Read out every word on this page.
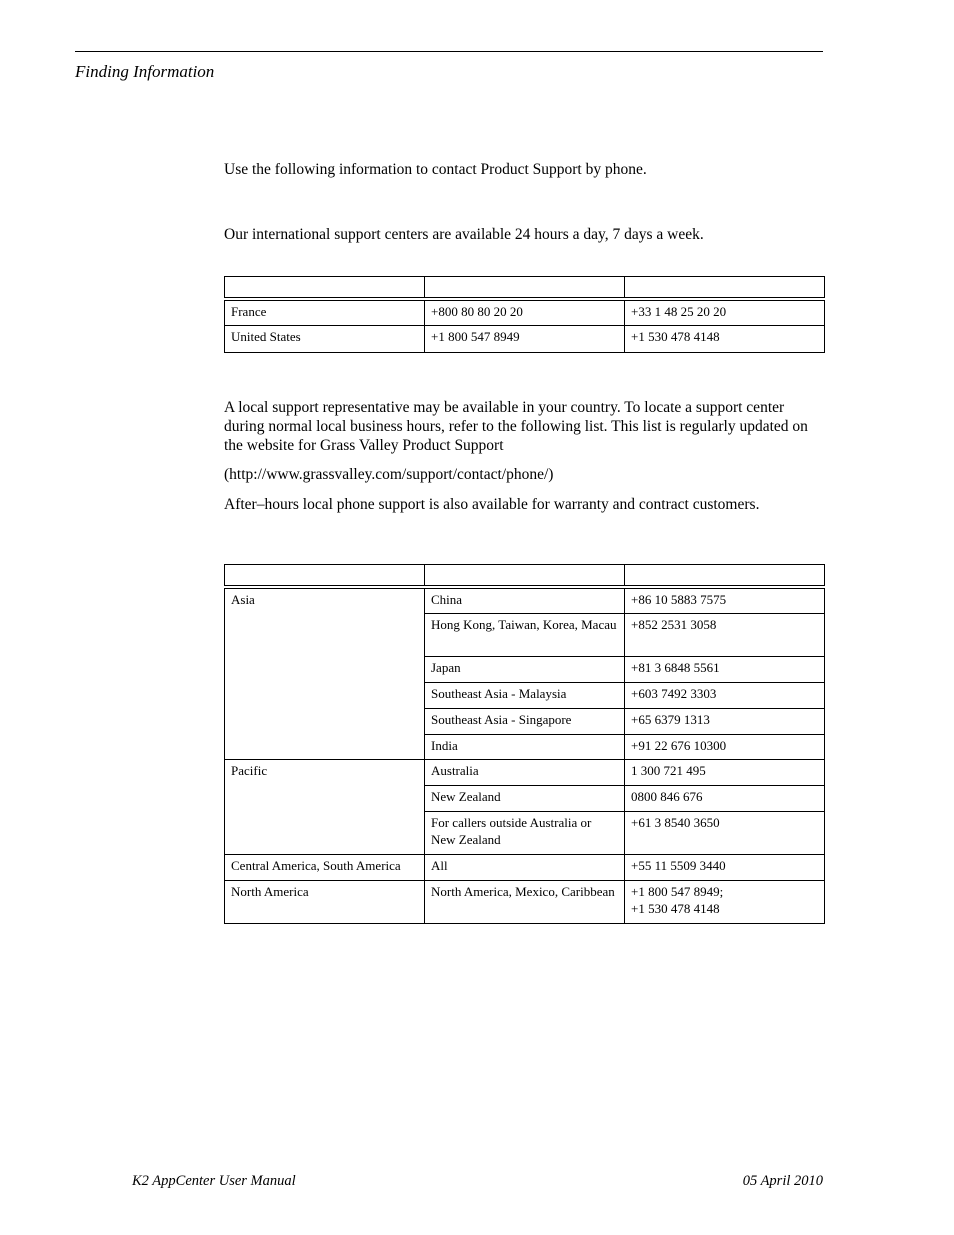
Finding Information
Use the following information to contact Product Support by phone.
Our international support centers are available 24 hours a day, 7 days a week.

France	+800 80 80 20 20	+33 1 48 25 20 20
United States	+1 800 547 8949	+1 530 478 4148
A local support representative may be available in your country. To locate a support center during normal local business hours, refer to the following list. This list is regularly updated on the website for Grass Valley Product Support
(http://www.grassvalley.com/support/contact/phone/)
After–hours local phone support is also available for warranty and contract customers.

Asia	China	+86 10 5883 7575
	Hong Kong, Taiwan, Korea, Macau	+852 2531 3058
	Japan	+81 3 6848 5561
	Southeast Asia - Malaysia	+603 7492 3303
	Southeast Asia - Singapore	+65 6379 1313
	India	+91 22 676 10300
Pacific	Australia	1 300 721 495
	New Zealand	0800 846 676
	For callers outside Australia or New Zealand	+61 3 8540 3650
Central America, South America	All	+55 11 5509 3440
North America	North America, Mexico, Caribbean	+1 800 547 8949;
+1 530 478 4148
K2 AppCenter User Manual	05 April 2010
